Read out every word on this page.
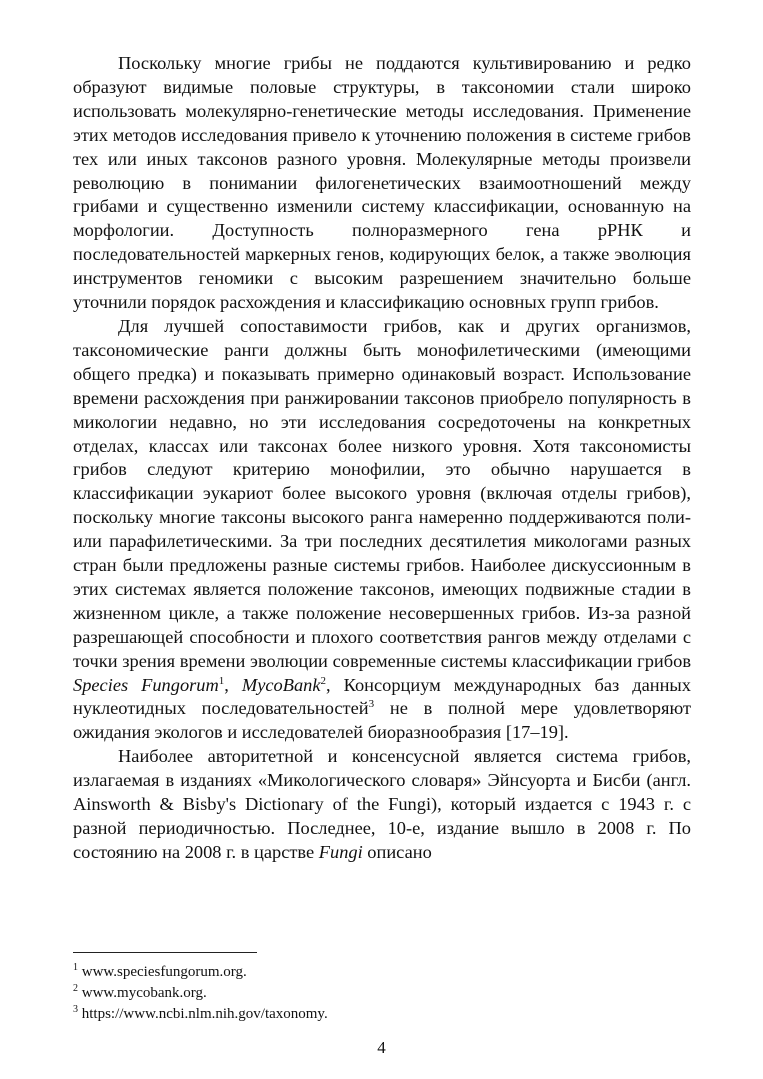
Поскольку многие грибы не поддаются культивированию и редко образуют видимые половые структуры, в таксономии стали широко использовать молекулярно-генетические методы исследования. Применение этих методов исследования привело к уточнению положения в системе грибов тех или иных таксонов разного уровня. Молекулярные методы произвели революцию в понимании филогенетических взаимоотношений между грибами и существенно изменили систему классификации, основанную на морфологии. Доступность полноразмерного гена рРНК и последовательностей маркерных генов, кодирующих белок, а также эволюция инструментов геномики с высоким разрешением значительно больше уточнили порядок расхождения и классификацию основных групп грибов.

Для лучшей сопоставимости грибов, как и других организмов, таксономические ранги должны быть монофилетическими (имеющими общего предка) и показывать примерно одинаковый возраст. Использование времени расхождения при ранжировании таксонов приобрело популярность в микологии недавно, но эти исследования сосредоточены на конкретных отделах, классах или таксонах более низкого уровня. Хотя таксономисты грибов следуют критерию монофилии, это обычно нарушается в классификации эукариот более высокого уровня (включая отделы грибов), поскольку многие таксоны высокого ранга намеренно поддерживаются поли- или парафилетическими. За три последних десятилетия микологами разных стран были предложены разные системы грибов. Наиболее дискуссионным в этих системах является положение таксонов, имеющих подвижные стадии в жизненном цикле, а также положение несовершенных грибов. Из-за разной разрешающей способности и плохого соответствия рангов между отделами с точки зрения времени эволюции современные системы классификации грибов Species Fungorum$^1$, MycoBank$^2$, Консорциум международных баз данных нуклеотидных последовательностей$^3$ не в полной мере удовлетворяют ожидания экологов и исследователей биоразнообразия [17–19].

Наиболее авторитетной и консенсусной является система грибов, излагаемая в изданиях «Микологического словаря» Эйнсуорта и Бисби (англ. Ainsworth & Bisby's Dictionary of the Fungi), который издается с 1943 г. с разной периодичностью. Последнее, 10-е, издание вышло в 2008 г. По состоянию на 2008 г. в царстве Fungi описано

$^1$ www.speciesfungorum.org.

$^2$ www.mycobank.org.

$^3$ https://www.ncbi.nlm.nih.gov/taxonomy.

4
